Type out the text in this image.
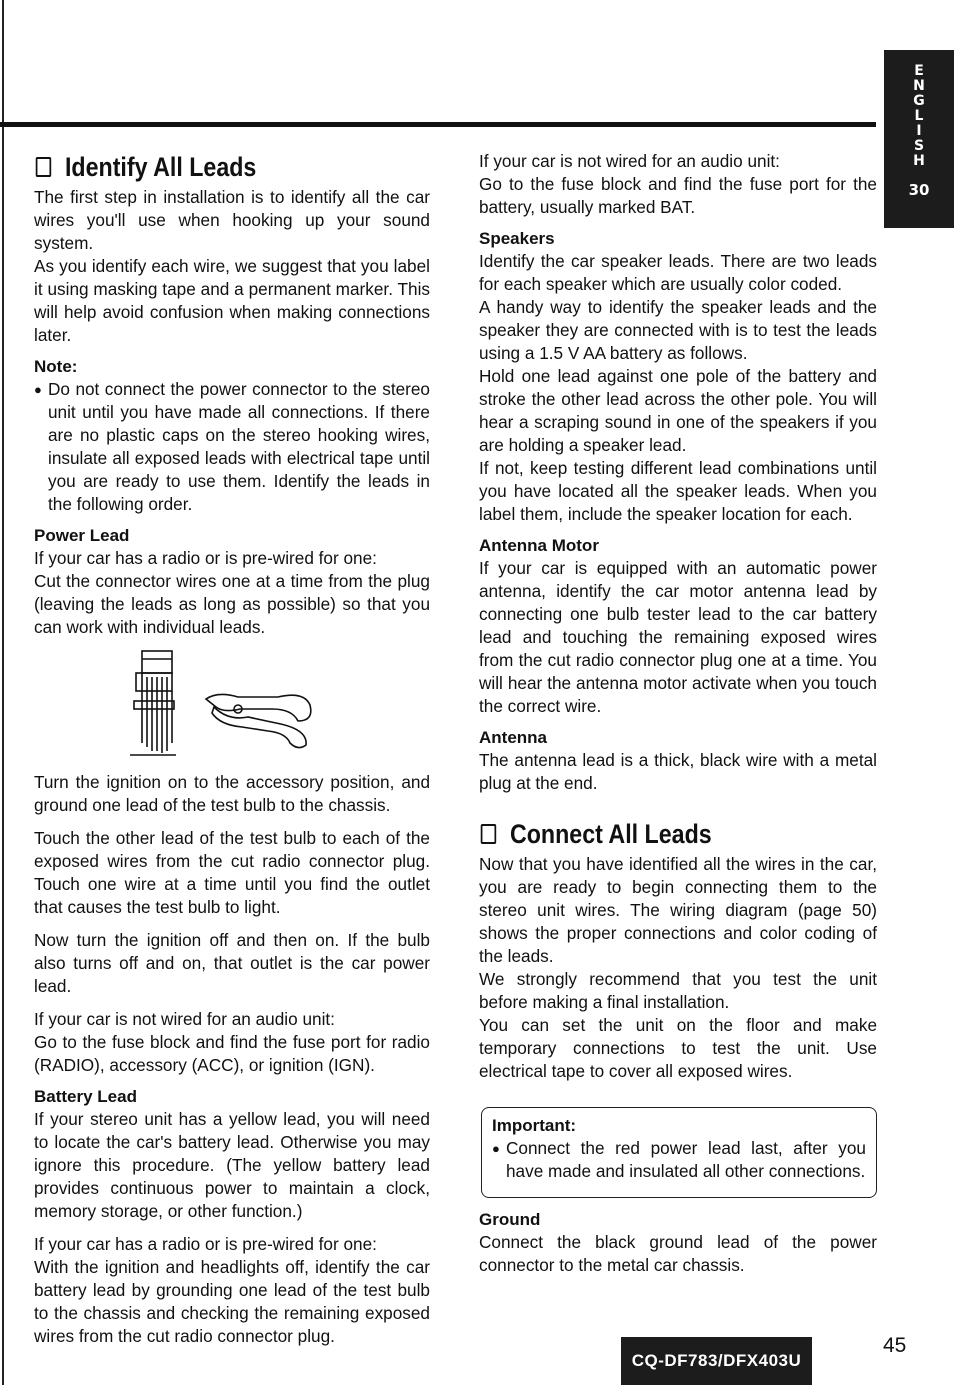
E
N
G
L
I
S
H
30
Identify All Leads

The first step in installation is to identify all the car wires you'll use when hooking up your sound system.

As you identify each wire, we suggest that you label it using masking tape and a permanent marker. This will help avoid confusion when making connections later.

Note:
● Do not connect the power connector to the stereo unit until you have made all connections. If there are no plastic caps on the stereo hooking wires, insulate all exposed leads with electrical tape until you are ready to use them. Identify the leads in the following order.
Power Lead

If your car has a radio or is pre-wired for one:

Cut the connector wires one at a time from the plug (leaving the leads as long as possible) so that you can work with individual leads.

Turn the ignition on to the accessory position, and ground one lead of the test bulb to the chassis.

Touch the other lead of the test bulb to each of the exposed wires from the cut radio connector plug. Touch one wire at a time until you find the outlet that causes the test bulb to light.

Now turn the ignition off and then on. If the bulb also turns off and on, that outlet is the car power lead.

If your car is not wired for an audio unit:

Go to the fuse block and find the fuse port for radio (RADIO), accessory (ACC), or ignition (IGN).

Battery Lead

If your stereo unit has a yellow lead, you will need to locate the car's battery lead. Otherwise you may ignore this procedure. (The yellow battery lead provides continuous power to maintain a clock, memory storage, or other function.)

If your car has a radio or is pre-wired for one:

With the ignition and headlights off, identify the car battery lead by grounding one lead of the test bulb to the chassis and checking the remaining exposed wires from the cut radio connector plug.

If your car is not wired for an audio unit:

Go to the fuse block and find the fuse port for the battery, usually marked BAT.

Speakers

Identify the car speaker leads. There are two leads for each speaker which are usually color coded.

A handy way to identify the speaker leads and the speaker they are connected with is to test the leads using a 1.5 V AA battery as follows.

Hold one lead against one pole of the battery and stroke the other lead across the other pole. You will hear a scraping sound in one of the speakers if you are holding a speaker lead.

If not, keep testing different lead combinations until you have located all the speaker leads. When you label them, include the speaker location for each.

Antenna Motor

If your car is equipped with an automatic power antenna, identify the car motor antenna lead by connecting one bulb tester lead to the car battery lead and touching the remaining exposed wires from the cut radio connector plug one at a time. You will hear the antenna motor activate when you touch the correct wire.

Antenna

The antenna lead is a thick, black wire with a metal plug at the end.

Connect All Leads

Now that you have identified all the wires in the car, you are ready to begin connecting them to the stereo unit wires. The wiring diagram (page 50) shows the proper connections and color coding of the leads.

We strongly recommend that you test the unit before making a final installation.

You can set the unit on the floor and make temporary connections to test the unit. Use electrical tape to cover all exposed wires.

Important:
● Connect the red power lead last, after you have made and insulated all other connections.
Ground

Connect the black ground lead of the power connector to the metal car chassis.

CQ-DF783/DFX403U
45
